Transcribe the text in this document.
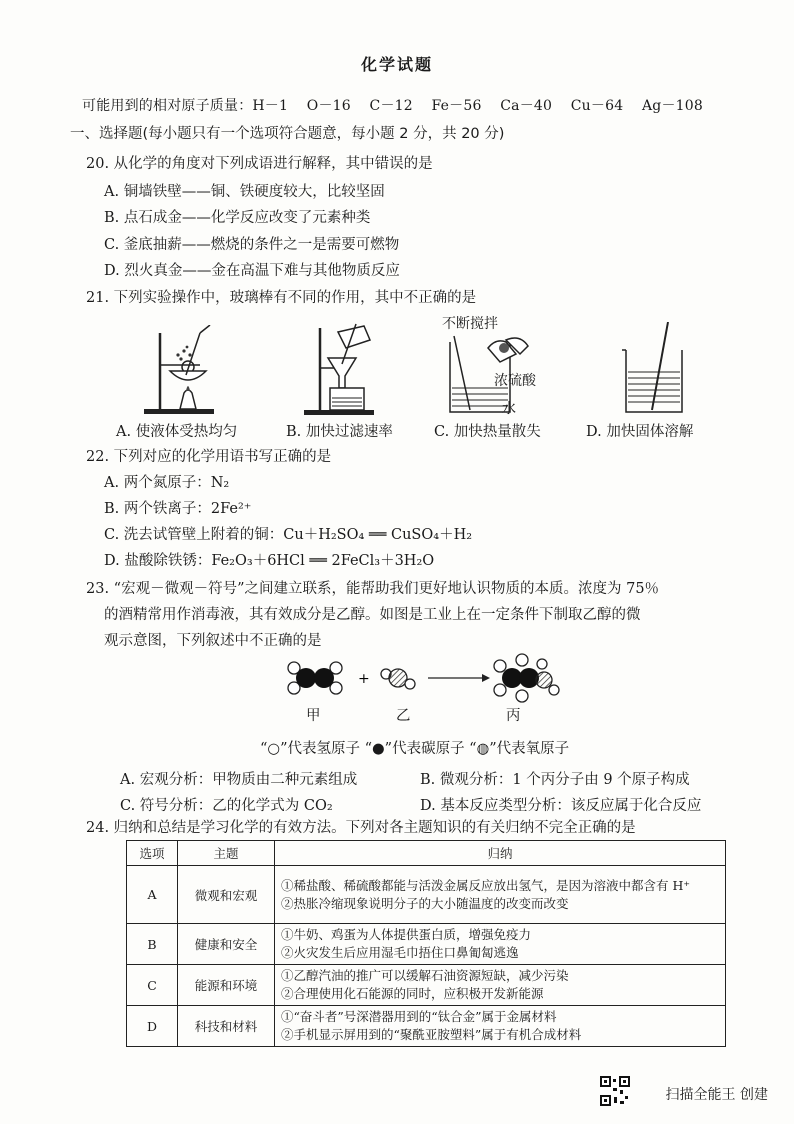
化学试题
可能用到的相对原子质量：H－1 O－16 C－12 Fe－56 Ca－40 Cu－64 Ag－108
一、选择题(每小题只有一个选项符合题意，每小题 2 分，共 20 分)
20. 从化学的角度对下列成语进行解释，其中错误的是
A. 铜墙铁壁——铜、铁硬度较大，比较坚固
B. 点石成金——化学反应改变了元素种类
C. 釜底抽薪——燃烧的条件之一是需要可燃物
D. 烈火真金——金在高温下难与其他物质反应
21. 下列实验操作中，玻璃棒有不同的作用，其中不正确的是
不断搅拌
浓硫酸
水
A. 使液体受热均匀	B. 加快过滤速率	C. 加快热量散失	D. 加快固体溶解
22. 下列对应的化学用语书写正确的是
A. 两个氮原子：N₂
B. 两个铁离子：2Fe²⁺
C. 洗去试管壁上附着的铜：Cu＋H₂SO₄ ══ CuSO₄＋H₂
D. 盐酸除铁锈：Fe₂O₃＋6HCl ══ 2FeCl₃＋3H₂O
23. “宏观－微观－符号”之间建立联系，能帮助我们更好地认识物质的本质。浓度为 75％
的酒精常用作消毒液，其有效成分是乙醇。如图是工业上在一定条件下制取乙醇的微
观示意图，下列叙述中不正确的是
+
甲	乙	丙
“○”代表氢原子 “●”代表碳原子 “◍”代表氧原子
A. 宏观分析：甲物质由二种元素组成	B. 微观分析：1 个丙分子由 9 个原子构成
C. 符号分析：乙的化学式为 CO₂	D. 基本反应类型分析：该反应属于化合反应
24. 归纳和总结是学习化学的有效方法。下列对各主题知识的有关归纳不完全正确的是
选项	主题	归纳
A	微观和宏观	①稀盐酸、稀硫酸都能与活泼金属反应放出氢气，是因为溶液中都含有 H⁺
②热胀冷缩现象说明分子的大小随温度的改变而改变

B	健康和安全	①牛奶、鸡蛋为人体提供蛋白质，增强免疫力
②火灾发生后应用湿毛巾捂住口鼻匍匐逃逸

C	能源和环境	①乙醇汽油的推广可以缓解石油资源短缺，减少污染
②合理使用化石能源的同时，应积极开发新能源

D	科技和材料	①“奋斗者”号深潜器用到的“钛合金”属于金属材料
②手机显示屏用到的“聚酰亚胺塑料”属于有机合成材料
扫描全能王 创建
